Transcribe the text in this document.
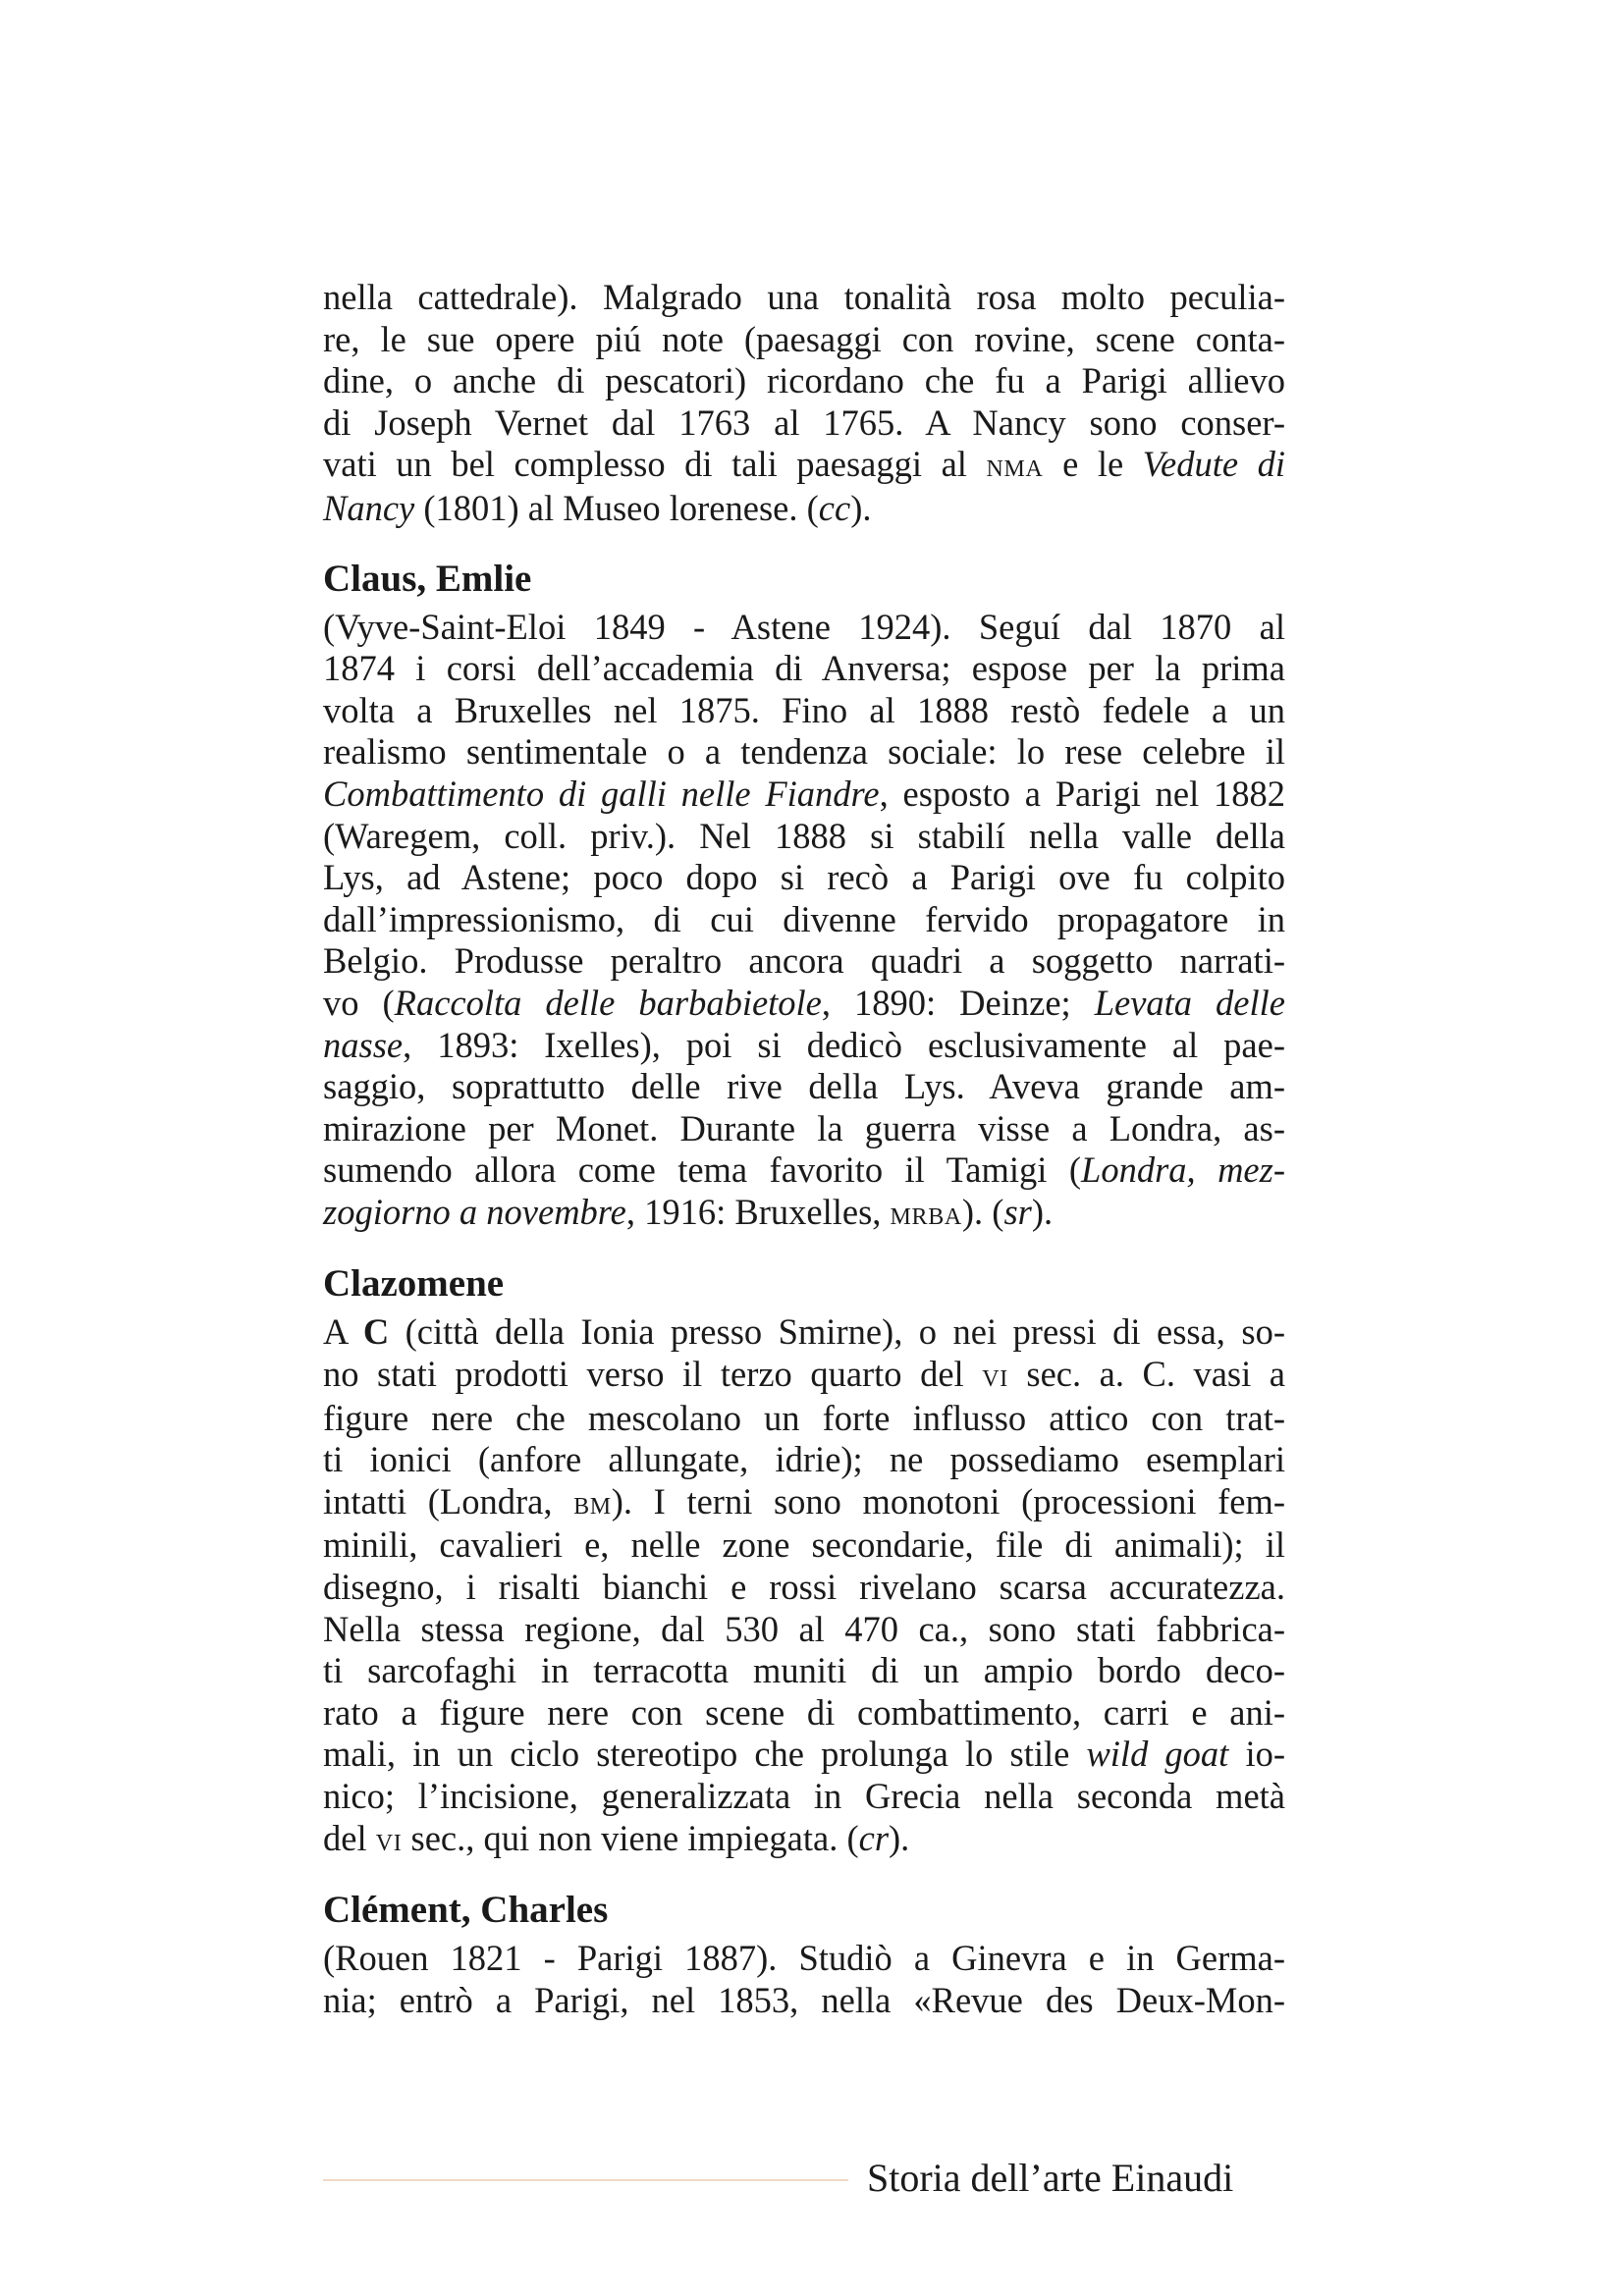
nella cattedrale). Malgrado una tonalità rosa molto peculia-
re, le sue opere piú note (paesaggi con rovine, scene conta-
dine, o anche di pescatori) ricordano che fu a Parigi allievo
di Joseph Vernet dal 1763 al 1765. A Nancy sono conser-
vati un bel complesso di tali paesaggi al nma e le Vedute di
Nancy (1801) al Museo lorenese. (cc).
Claus, Emlie
(Vyve-Saint-Eloi 1849 - Astene 1924). Seguí dal 1870 al
1874 i corsi dell’accademia di Anversa; espose per la prima
volta a Bruxelles nel 1875. Fino al 1888 restò fedele a un
realismo sentimentale o a tendenza sociale: lo rese celebre il
Combattimento di galli nelle Fiandre, esposto a Parigi nel 1882
(Waregem, coll. priv.). Nel 1888 si stabilí nella valle della
Lys, ad Astene; poco dopo si recò a Parigi ove fu colpito
dall’impressionismo, di cui divenne fervido propagatore in
Belgio. Produsse peraltro ancora quadri a soggetto narrati-
vo (Raccolta delle barbabietole, 1890: Deinze; Levata delle
nasse, 1893: Ixelles), poi si dedicò esclusivamente al pae-
saggio, soprattutto delle rive della Lys. Aveva grande am-
mirazione per Monet. Durante la guerra visse a Londra, as-
sumendo allora come tema favorito il Tamigi (Londra, mez-
zogiorno a novembre, 1916: Bruxelles, mrba). (sr).
Clazomene
A C (città della Ionia presso Smirne), o nei pressi di essa, so-
no stati prodotti verso il terzo quarto del vi sec. a. C. vasi a
figure nere che mescolano un forte influsso attico con trat-
ti ionici (anfore allungate, idrie); ne possediamo esemplari
intatti (Londra, bm). I terni sono monotoni (processioni fem-
minili, cavalieri e, nelle zone secondarie, file di animali); il
disegno, i risalti bianchi e rossi rivelano scarsa accuratezza.
Nella stessa regione, dal 530 al 470 ca., sono stati fabbrica-
ti sarcofaghi in terracotta muniti di un ampio bordo deco-
rato a figure nere con scene di combattimento, carri e ani-
mali, in un ciclo stereotipo che prolunga lo stile wild goat io-
nico; l’incisione, generalizzata in Grecia nella seconda metà
del vi sec., qui non viene impiegata. (cr).
Clément, Charles
(Rouen 1821 - Parigi 1887). Studiò a Ginevra e in Germa-
nia; entrò a Parigi, nel 1853, nella «Revue des Deux-Mon-
Storia dell’arte Einaudi
